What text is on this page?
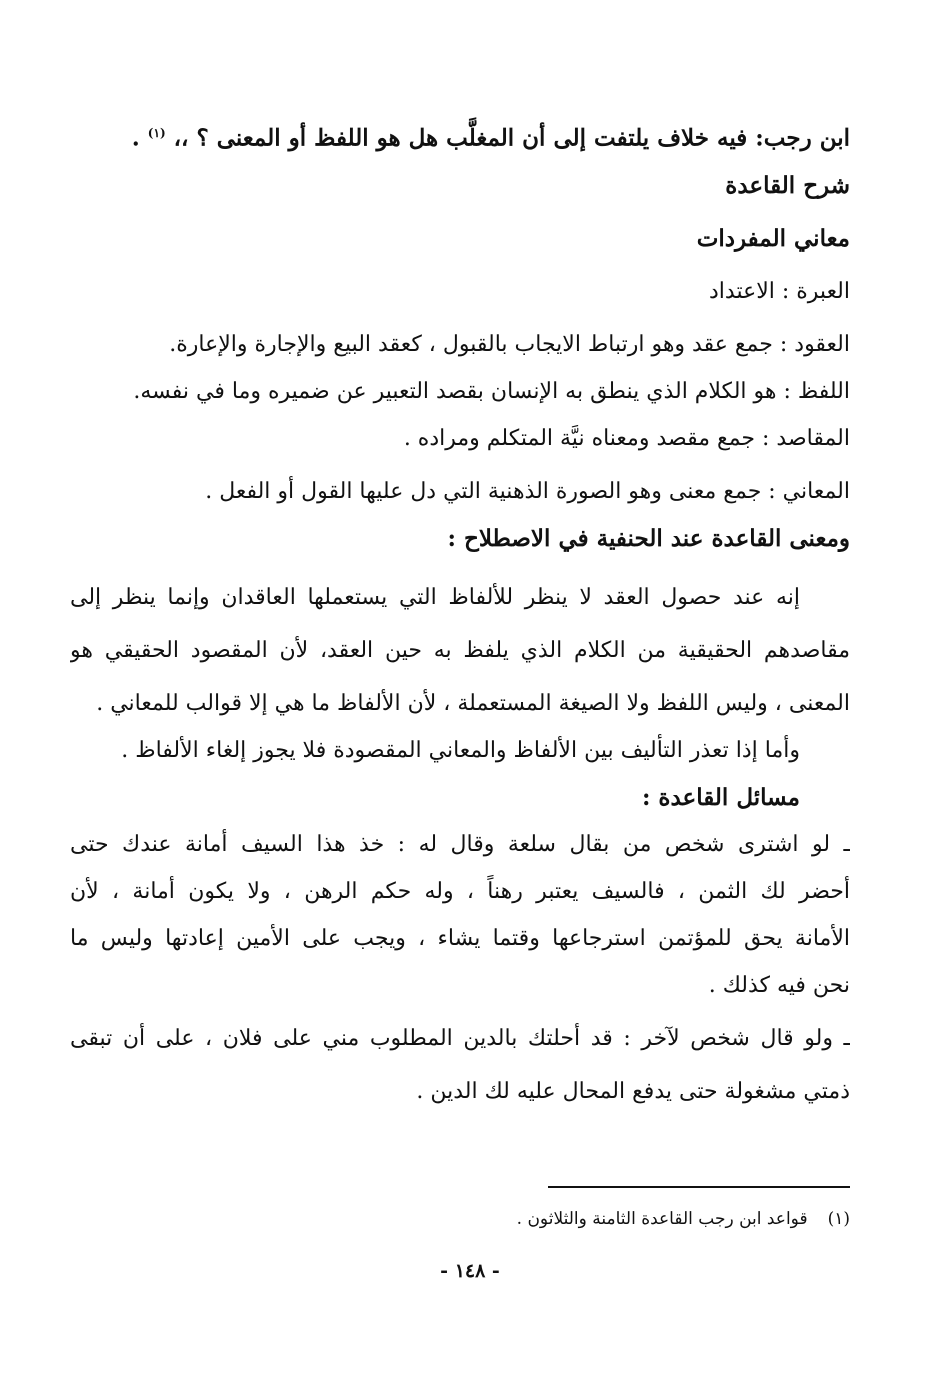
ابن رجب: فيه خلاف يلتفت إلى أن المغلَّب هل هو اللفظ أو المعنى ؟ ،، $^{(١)}$ .
شرح القاعدة
معاني المفردات
العبرة : الاعتداد
العقود : جمع عقد وهو ارتباط الايجاب بالقبول ، كعقد البيع والإجارة والإعارة.
اللفظ : هو الكلام الذي ينطق به الإنسان بقصد التعبير عن ضميره وما في نفسه.
المقاصد : جمع مقصد ومعناه نيَّة المتكلم ومراده .
المعاني : جمع معنى وهو الصورة الذهنية التي دل عليها القول أو الفعل .
ومعنى القاعدة عند الحنفية في الاصطلاح :
إنه عند حصول العقد لا ينظر للألفاظ التي يستعملها العاقدان وإنما ينظر إلى
مقاصدهم الحقيقية من الكلام الذي يلفظ به حين العقد، لأن المقصود الحقيقي هو
المعنى ، وليس اللفظ ولا الصيغة المستعملة ، لأن الألفاظ ما هي إلا قوالب للمعاني .
وأما إذا تعذر التأليف بين الألفاظ والمعاني المقصودة فلا يجوز إلغاء الألفاظ .
مسائل القاعدة :
ـ لو اشترى شخص من بقال سلعة وقال له : خذ هذا السيف أمانة عندك حتى
أحضر لك الثمن ، فالسيف يعتبر رهناً ، وله حكم الرهن ، ولا يكون أمانة ، لأن
الأمانة يحق للمؤتمن استرجاعها وقتما يشاء ، ويجب على الأمين إعادتها وليس ما
نحن فيه كذلك .
ـ ولو قال شخص لآخر : قد أحلتك بالدين المطلوب مني على فلان ، على أن تبقى
ذمتي مشغولة حتى يدفع المحال عليه لك الدين .
(١)قواعد ابن رجب القاعدة الثامنة والثلاثون .
- ١٤٨ -
